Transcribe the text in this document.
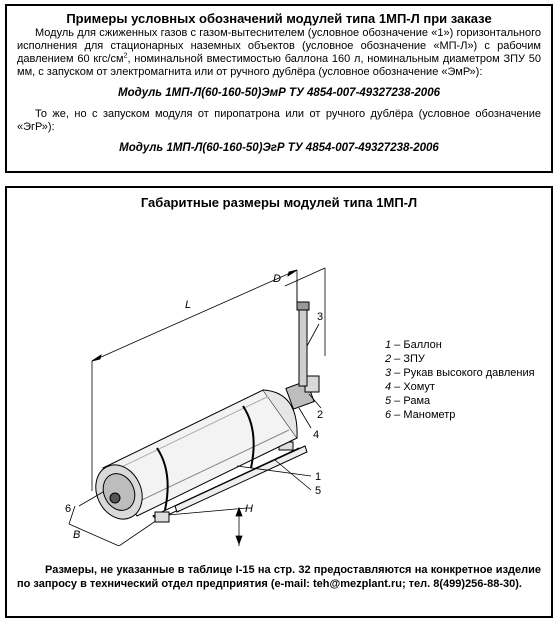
Примеры условных обозначений модулей типа 1МП-Л при заказе

Модуль для сжиженных газов с газом-вытеснителем (условное обозначение «1») горизонтального исполнения для стационарных наземных объектов (условное обозначение «МП-Л») с рабочим давлением 60 кгс/$см^2$, номинальной вместимостью баллона 160 л, номинальным диаметром ЗПУ 50 мм, с запуском от электромагнита или от ручного дублёра (условное обозначение «ЭмР»):

Модуль 1МП-Л(60-160-50)ЭмР ТУ 4854-007-49327238-2006

То же, но с запуском модуля от пиропатрона или от ручного дублёра (условное обозначение «ЭгР»):

Модуль 1МП-Л(60-160-50)ЭгР ТУ 4854-007-49327238-2006

Габаритные размеры модулей типа 1МП-Л

L
D
H
B
3
2
4
1
5
6
1 – Баллон
2 – ЗПУ
3 – Рукав высокого давления
4 – Хомут
5 – Рама
6 – Манометр

Размеры, не указанные в таблице I-15 на стр. 32 предоставляются на конкретное изделие по запросу в технический отдел предприятия (e-mail: teh@mezplant.ru; тел. 8(499)256-88-30).
